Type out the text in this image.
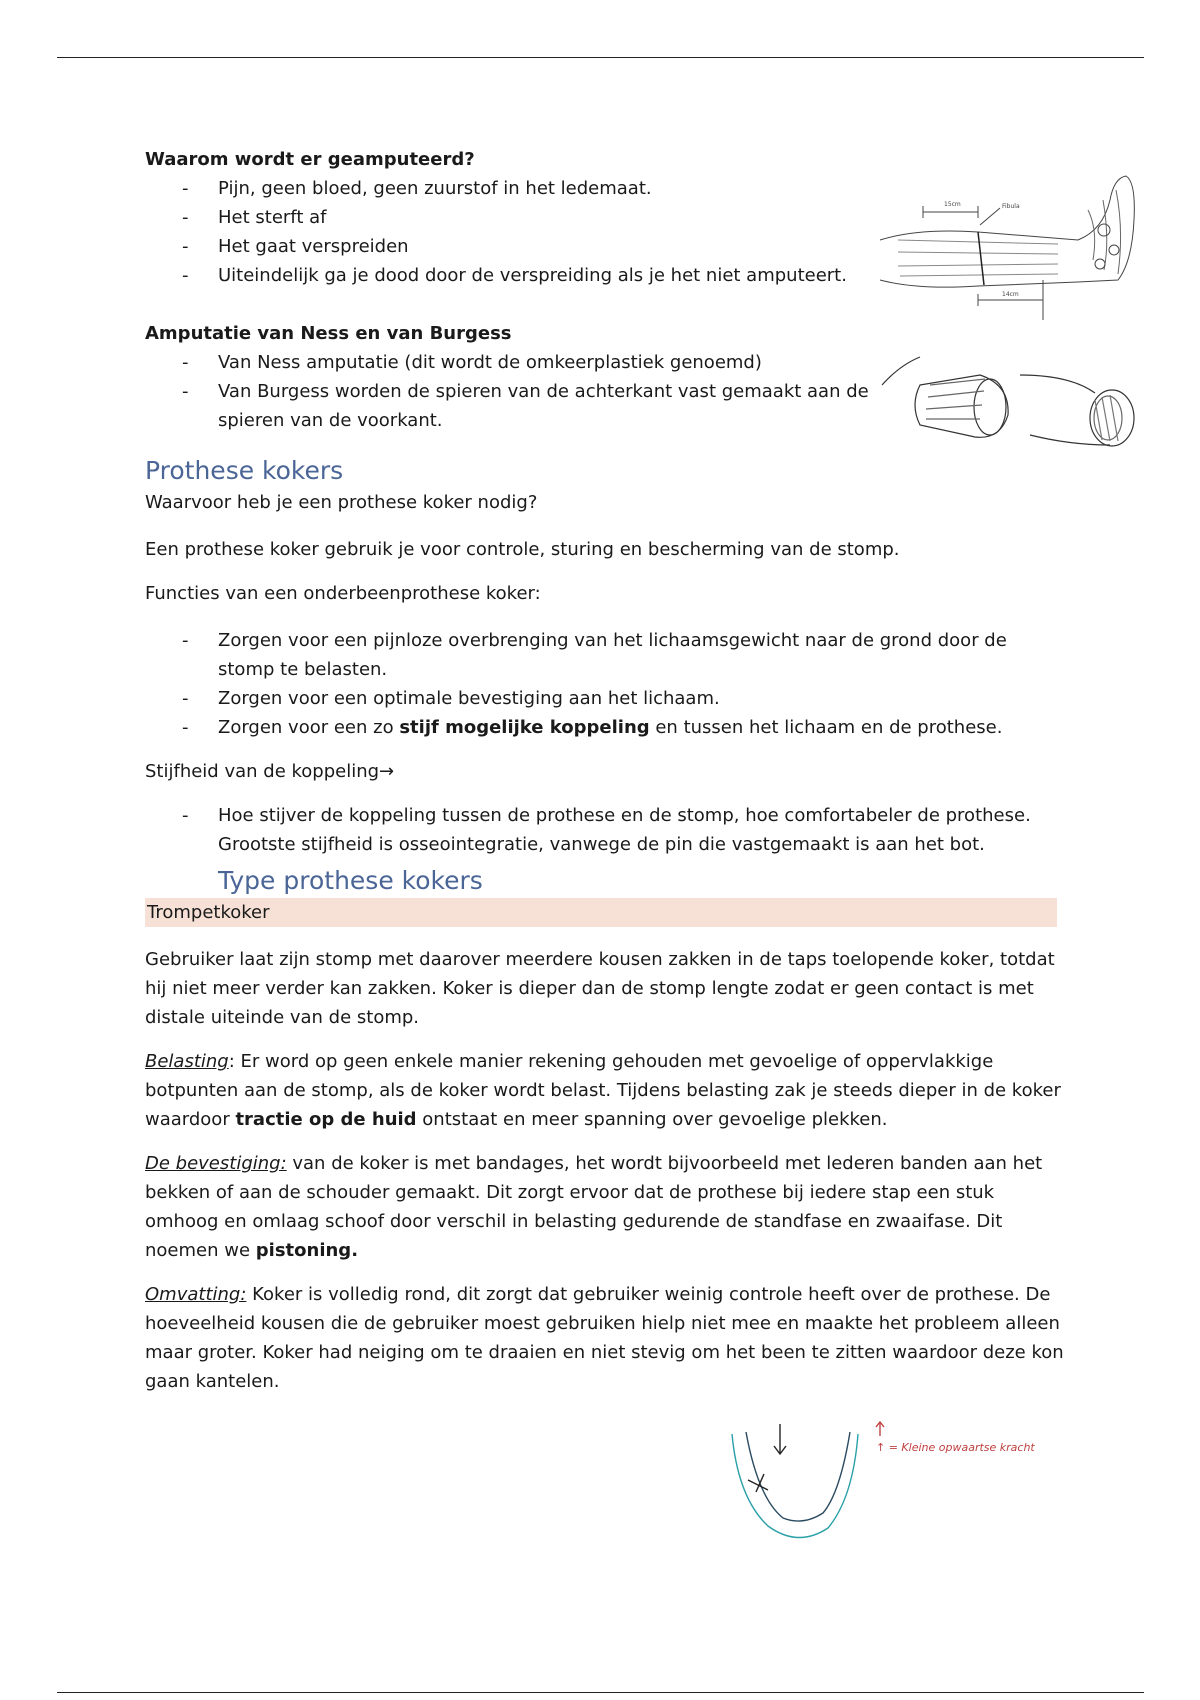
Waarom wordt er geamputeerd?

- Pijn, geen bloed, geen zuurstof in het ledemaat.
- Het sterft af
- Het gaat verspreiden
- Uiteindelijk ga je dood door de verspreiding als je het niet amputeert.

Amputatie van Ness en van Burgess

- Van Ness amputatie (dit wordt de omkeerplastiek genoemd)
- Van Burgess worden de spieren van de achterkant vast gemaakt aan de spieren van de voorkant.
Prothese kokers

Waarvoor heb je een prothese koker nodig?

Een prothese koker gebruik je voor controle, sturing en bescherming van de stomp.

Functies van een onderbeenprothese koker:

- Zorgen voor een pijnloze overbrenging van het lichaamsgewicht naar de grond door de stomp te belasten.
- Zorgen voor een optimale bevestiging aan het lichaam.
- Zorgen voor een zo stijf mogelijke koppeling en tussen het lichaam en de prothese.

Stijfheid van de koppeling→

- Hoe stijver de koppeling tussen de prothese en de stomp, hoe comfortabeler de prothese. Grootste stijfheid is osseointegratie, vanwege de pin die vastgemaakt is aan het bot.
Type prothese kokers
Trompetkoker

Gebruiker laat zijn stomp met daarover meerdere kousen zakken in de taps toelopende koker, totdat hij niet meer verder kan zakken. Koker is dieper dan de stomp lengte zodat er geen contact is met distale uiteinde van de stomp.

Belasting: Er word op geen enkele manier rekening gehouden met gevoelige of oppervlakkige botpunten aan de stomp, als de koker wordt belast. Tijdens belasting zak je steeds dieper in de koker waardoor tractie op de huid ontstaat en meer spanning over gevoelige plekken.

De bevestiging: van de koker is met bandages, het wordt bijvoorbeeld met lederen banden aan het bekken of aan de schouder gemaakt. Dit zorgt ervoor dat de prothese bij iedere stap een stuk omhoog en omlaag schoof door verschil in belasting gedurende de standfase en zwaaifase. Dit noemen we pistoning.

Omvatting: Koker is volledig rond, dit zorgt dat gebruiker weinig controle heeft over de prothese. De hoeveelheid kousen die de gebruiker moest gebruiken hielp niet mee en maakte het probleem alleen maar groter. Koker had neiging om te draaien en niet stevig om het been te zitten waardoor deze kon gaan kantelen.

15cm	Fibula
14cm
↑ = Kleine opwaartse kracht
